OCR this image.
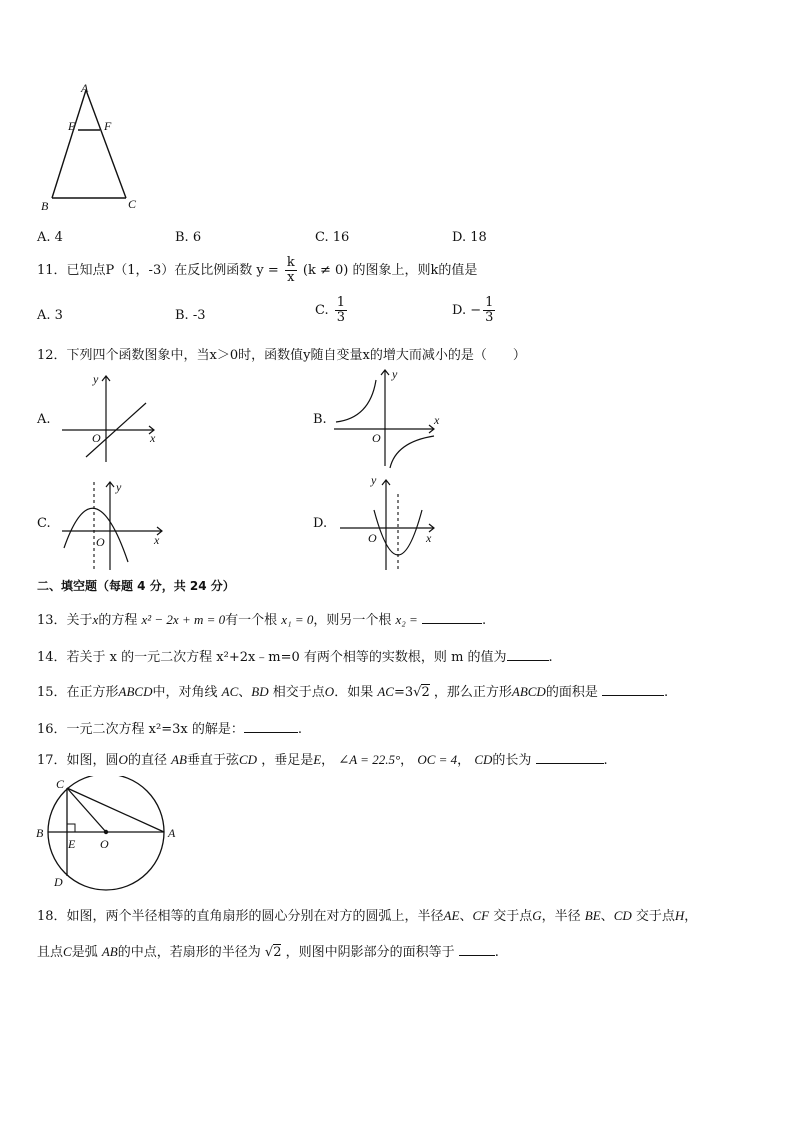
A
E F
B	C
A. 4	B. 6	C. 16	D. 18
11．已知点P（1，-3）在反比例函数 $y = \frac{k}{x} (k \ne 0)$ 的图象上，则k的值是
A. 3	B. -3	C. $\frac{1}{3}$	D. − $\frac{1}{3}$
12．下列四个函数图象中，当x＞0时，函数值y随自变量x的增大而减小的是（　　）
A.	B.
C.	D.
y
x
O
y
x
O
y
x
O
y
x
O
二、填空题（每题 4 分，共 24 分）
13．关于x的方程 x² − 2x + m = 0有一个根 x₁ = 0，则另一个根 x₂ =	.
14．若关于 x 的一元二次方程 x²+2x﹣m=0 有两个相等的实数根，则 m 的值为	.
15．在正方形ABCD中，对角线 AC、BD 相交于点O．如果 AC=3√2 ，那么正方形ABCD的面积是	.
16．一元二次方程 x²=3x 的解是：	.
17．如图，圆O的直径 AB垂直于弦CD ，垂足是E， ∠A = 22.5°， OC = 4， CD的长为	.
C
B
E O
A
D
18．如图，两个半径相等的直角扇形的圆心分别在对方的圆弧上，半径AE、CF 交于点G，半径 BE、CD 交于点H，
且点C是弧 AB的中点，若扇形的半径为 √2 ，则图中阴影部分的面积等于	.
